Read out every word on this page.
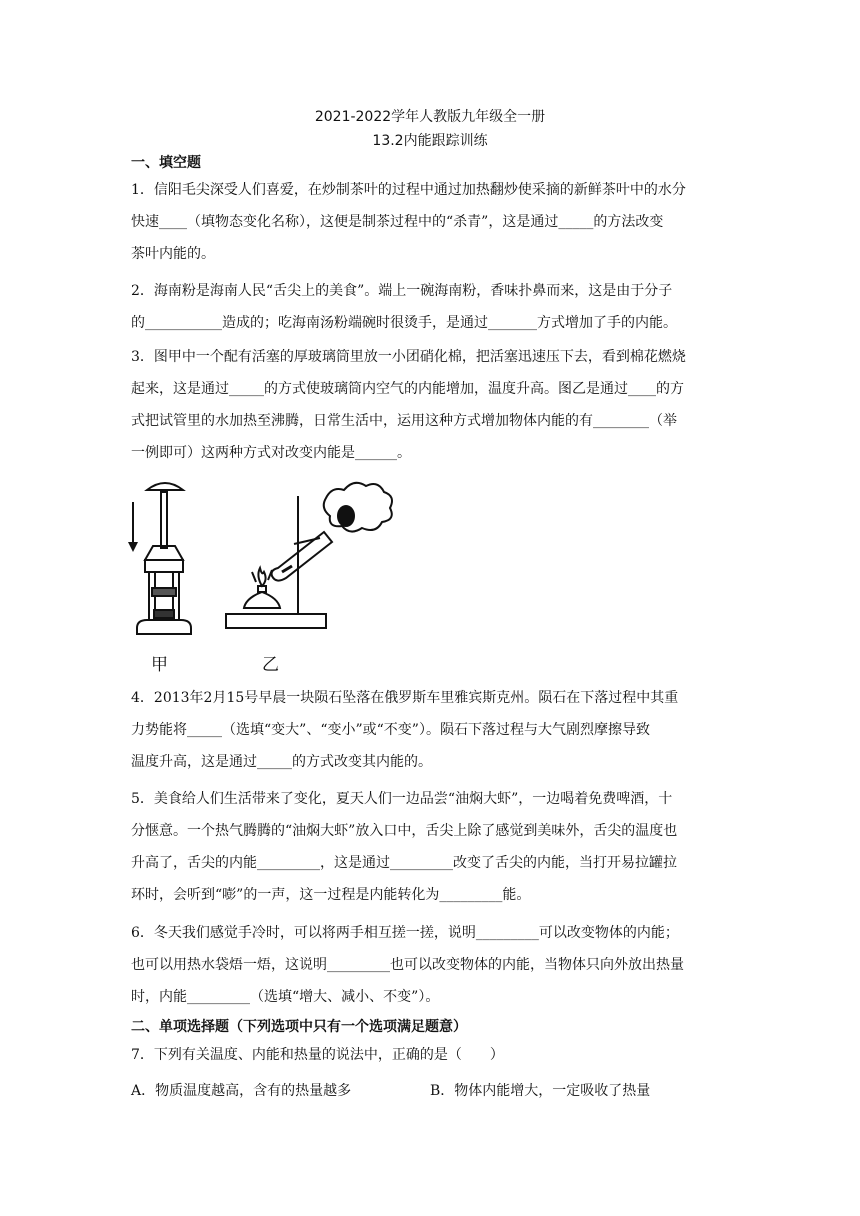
2021-2022学年人教版九年级全一册
13.2内能跟踪训练
一、填空题

1．信阳毛尖深受人们喜爱，在炒制茶叶的过程中通过加热翻炒使采摘的新鲜茶叶中的水分

快速____（填物态变化名称），这便是制茶过程中的“杀青”，这是通过_____的方法改变

茶叶内能的。

2．海南粉是海南人民“舌尖上的美食”。端上一碗海南粉，香味扑鼻而来，这是由于分子

的___________造成的；吃海南汤粉端碗时很烫手，是通过_______方式增加了手的内能。

3．图甲中一个配有活塞的厚玻璃筒里放一小团硝化棉，把活塞迅速压下去，看到棉花燃烧

起来，这是通过_____的方式使玻璃筒内空气的内能增加，温度升高。图乙是通过____的方

式把试管里的水加热至沸腾，日常生活中，运用这种方式增加物体内能的有________（举

一例即可）这两种方式对改变内能是______。

甲	乙

4．2013年2月15号早晨一块陨石坠落在俄罗斯车里雅宾斯克州。陨石在下落过程中其重

力势能将_____（选填“变大”、“变小”或“不变”）。陨石下落过程与大气剧烈摩擦导致

温度升高，这是通过_____的方式改变其内能的。

5．美食给人们生活带来了变化，夏天人们一边品尝“油焖大虾”，一边喝着免费啤酒，十

分惬意。一个热气腾腾的“油焖大虾”放入口中，舌尖上除了感觉到美味外，舌尖的温度也

升高了，舌尖的内能_________，这是通过_________改变了舌尖的内能，当打开易拉罐拉

环时，会听到“嘭”的一声，这一过程是内能转化为_________能。

6．冬天我们感觉手冷时，可以将两手相互搓一搓，说明_________可以改变物体的内能；

也可以用热水袋焐一焐，这说明_________也可以改变物体的内能，当物体只向外放出热量

时，内能_________（选填“增大、减小、不变”）。

二、单项选择题（下列选项中只有一个选项满足题意）

7．下列有关温度、内能和热量的说法中，正确的是（　　）

A．物质温度越高，含有的热量越多	B．物体内能增大，一定吸收了热量
